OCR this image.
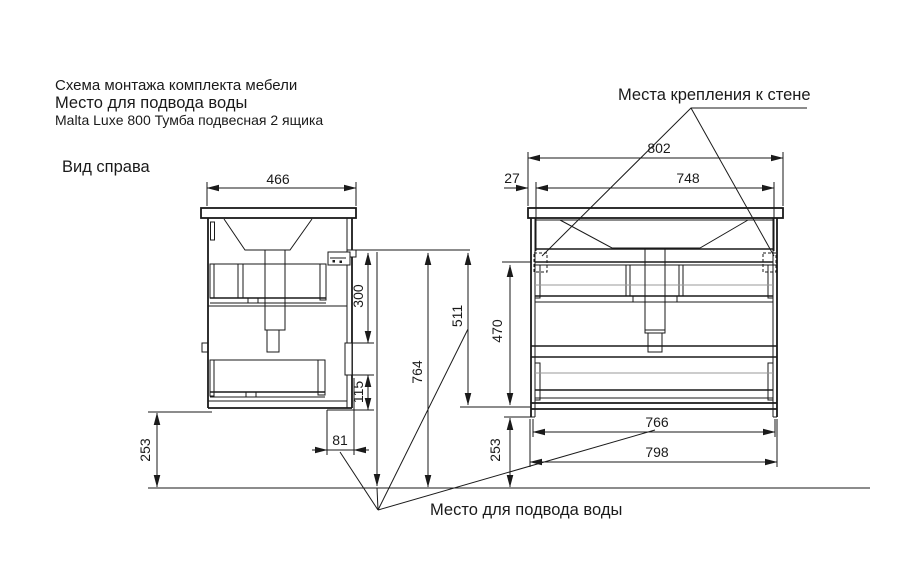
Схема монтажа комплекта мебели
Место для подвода воды
Malta Luxe 800 Тумба подвесная 2 ящика
Вид справа
Места крепления к стене
Место для подвода воды
466
802
27	748
81
766
798
300
115
764
511
470
253	253
